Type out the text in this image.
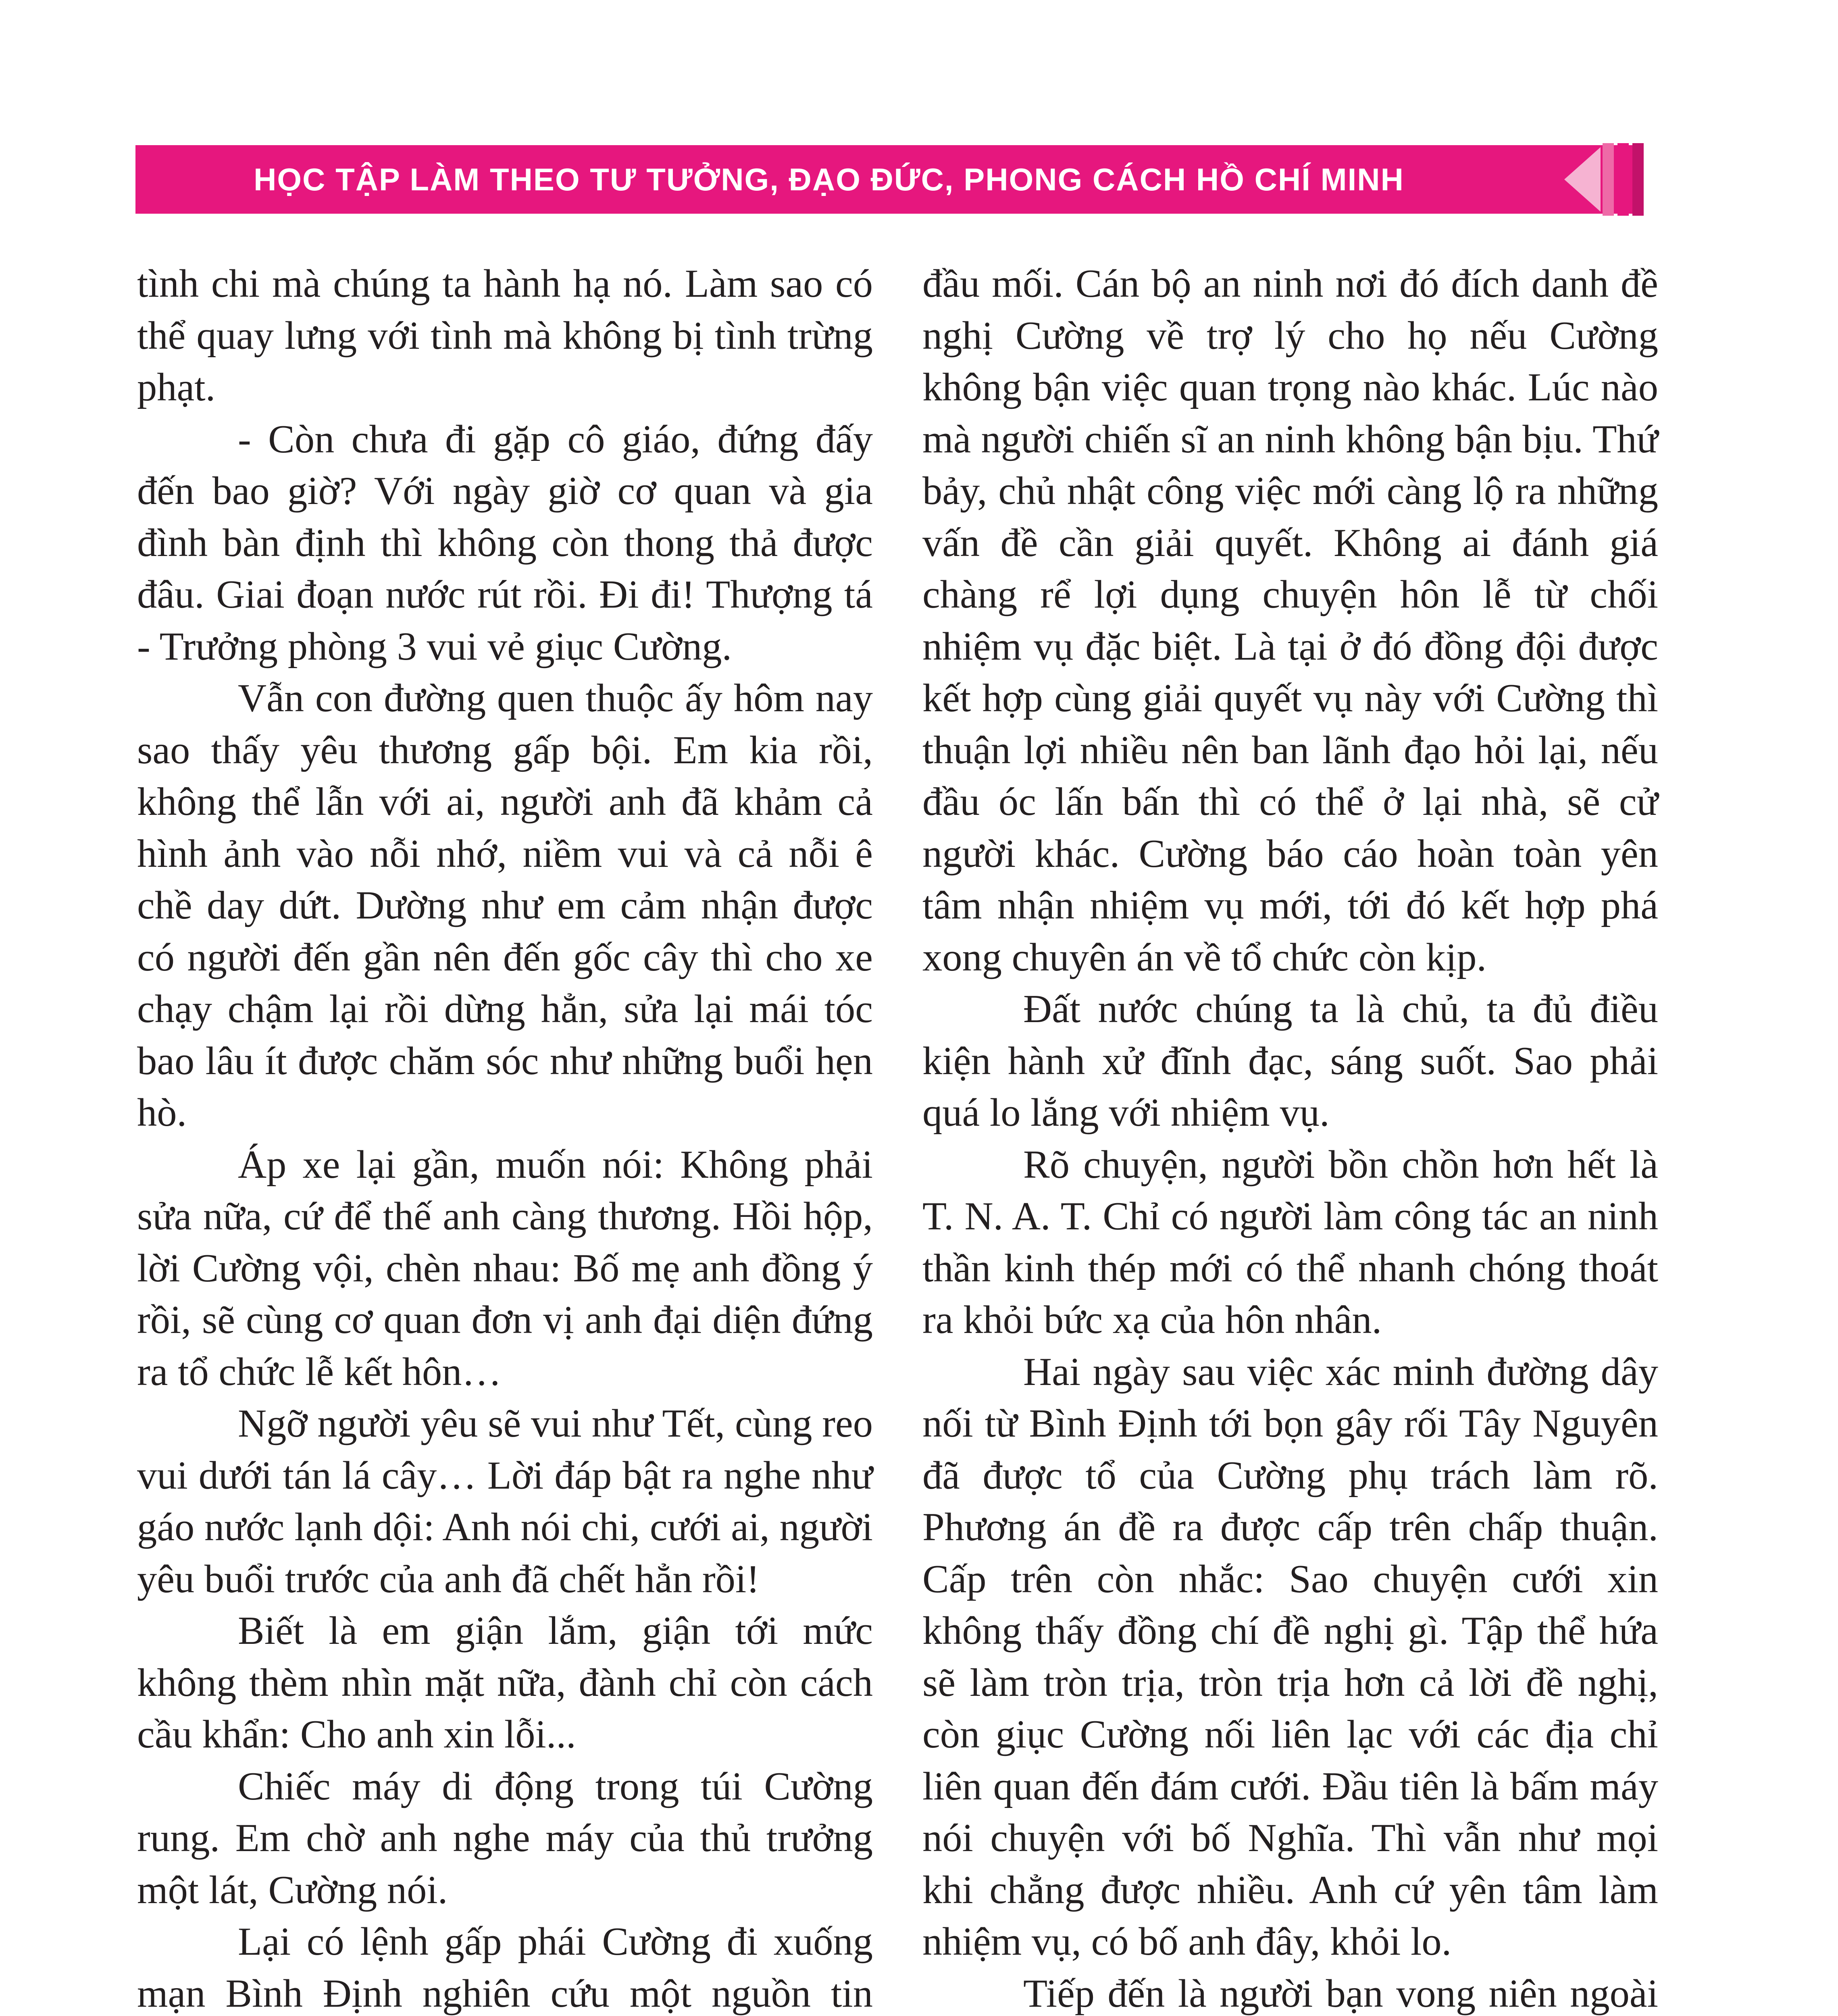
HỌC TẬP LÀM THEO TƯ TƯỞNG, ĐẠO ĐỨC, PHONG CÁCH HỒ CHÍ MINH

tình chi mà chúng ta hành hạ nó. Làm sao có thể quay lưng với tình mà không bị tình trừng phạt.

- Còn chưa đi gặp cô giáo, đứng đấy đến bao giờ? Với ngày giờ cơ quan và gia đình bàn định thì không còn thong thả được đâu. Giai đoạn nước rút rồi. Đi đi! Thượng tá - Trưởng phòng 3 vui vẻ giục Cường.

Vẫn con đường quen thuộc ấy hôm nay sao thấy yêu thương gấp bội. Em kia rồi, không thể lẫn với ai, người anh đã khảm cả hình ảnh vào nỗi nhớ, niềm vui và cả nỗi ê chề day dứt. Dường như em cảm nhận được có người đến gần nên đến gốc cây thì cho xe chạy chậm lại rồi dừng hẳn, sửa lại mái tóc bao lâu ít được chăm sóc như những buổi hẹn hò.

Áp xe lại gần, muốn nói: Không phải sửa nữa, cứ để thế anh càng thương. Hồi hộp, lời Cường vội, chèn nhau: Bố mẹ anh đồng ý rồi, sẽ cùng cơ quan đơn vị anh đại diện đứng ra tổ chức lễ kết hôn…

Ngỡ người yêu sẽ vui như Tết, cùng reo vui dưới tán lá cây… Lời đáp bật ra nghe như gáo nước lạnh dội: Anh nói chi, cưới ai, người yêu buổi trước của anh đã chết hẳn rồi!

Biết là em giận lắm, giận tới mức không thèm nhìn mặt nữa, đành chỉ còn cách cầu khẩn: Cho anh xin lỗi...

Chiếc máy di động trong túi Cường rung. Em chờ anh nghe máy của thủ trưởng một lát, Cường nói.

Lại có lệnh gấp phái Cường đi xuống mạn Bình Định nghiên cứu một nguồn tin

đầu mối. Cán bộ an ninh nơi đó đích danh đề nghị Cường về trợ lý cho họ nếu Cường không bận việc quan trọng nào khác. Lúc nào mà người chiến sĩ an ninh không bận bịu. Thứ bảy, chủ nhật công việc mới càng lộ ra những vấn đề cần giải quyết. Không ai đánh giá chàng rể lợi dụng chuyện hôn lễ từ chối nhiệm vụ đặc biệt. Là tại ở đó đồng đội được kết hợp cùng giải quyết vụ này với Cường thì thuận lợi nhiều nên ban lãnh đạo hỏi lại, nếu đầu óc lấn bấn thì có thể ở lại nhà, sẽ cử người khác. Cường báo cáo hoàn toàn yên tâm nhận nhiệm vụ mới, tới đó kết hợp phá xong chuyên án về tổ chức còn kịp.

Đất nước chúng ta là chủ, ta đủ điều kiện hành xử đĩnh đạc, sáng suốt. Sao phải quá lo lắng với nhiệm vụ.

Rõ chuyện, người bồn chồn hơn hết là T. N. A. T. Chỉ có người làm công tác an ninh thần kinh thép mới có thể nhanh chóng thoát ra khỏi bức xạ của hôn nhân.

Hai ngày sau việc xác minh đường dây nối từ Bình Định tới bọn gây rối Tây Nguyên đã được tổ của Cường phụ trách làm rõ. Phương án đề ra được cấp trên chấp thuận. Cấp trên còn nhắc: Sao chuyện cưới xin không thấy đồng chí đề nghị gì. Tập thể hứa sẽ làm tròn trịa, tròn trịa hơn cả lời đề nghị, còn giục Cường nối liên lạc với các địa chỉ liên quan đến đám cưới. Đầu tiên là bấm máy nói chuyện với bố Nghĩa. Thì vẫn như mọi khi chẳng được nhiều. Anh cứ yên tâm làm nhiệm vụ, có bố anh đây, khỏi lo.

Tiếp đến là người bạn vong niên ngoài
